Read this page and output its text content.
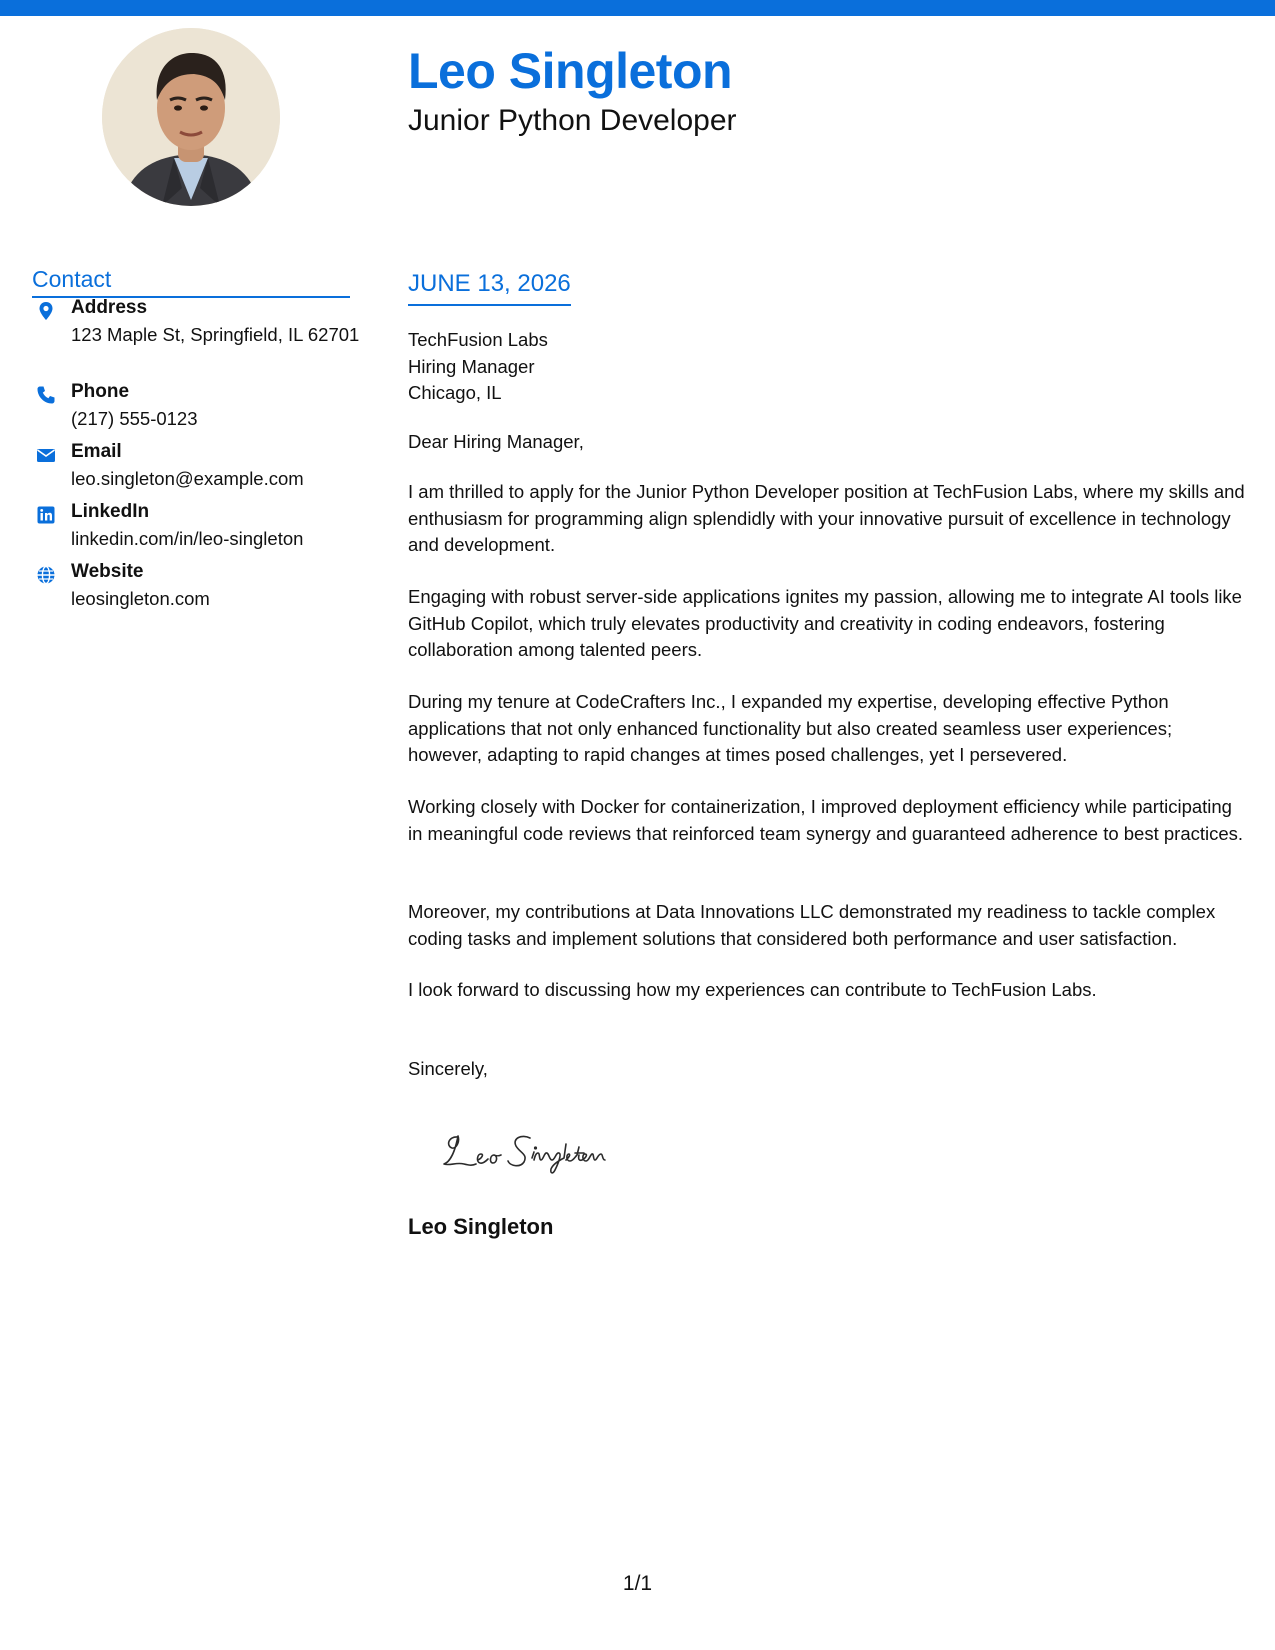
Leo Singleton
Junior Python Developer
Contact
Address
123 Maple St, Springfield, IL 62701
Phone
(217) 555-0123
Email
leo.singleton@example.com
LinkedIn
linkedin.com/in/leo-singleton
Website
leosingleton.com
JUNE 13, 2026
TechFusion Labs
Hiring Manager
Chicago, IL
Dear Hiring Manager,
I am thrilled to apply for the Junior Python Developer position at TechFusion Labs, where my skills and enthusiasm for programming align splendidly with your innovative pursuit of excellence in technology and development.
Engaging with robust server-side applications ignites my passion, allowing me to integrate AI tools like GitHub Copilot, which truly elevates productivity and creativity in coding endeavors, fostering collaboration among talented peers.
During my tenure at CodeCrafters Inc., I expanded my expertise, developing effective Python applications that not only enhanced functionality but also created seamless user experiences; however, adapting to rapid changes at times posed challenges, yet I persevered.
Working closely with Docker for containerization, I improved deployment efficiency while participating in meaningful code reviews that reinforced team synergy and guaranteed adherence to best practices.
Moreover, my contributions at Data Innovations LLC demonstrated my readiness to tackle complex coding tasks and implement solutions that considered both performance and user satisfaction.
I look forward to discussing how my experiences can contribute to TechFusion Labs.
Sincerely,
Leo Singleton
1/1
